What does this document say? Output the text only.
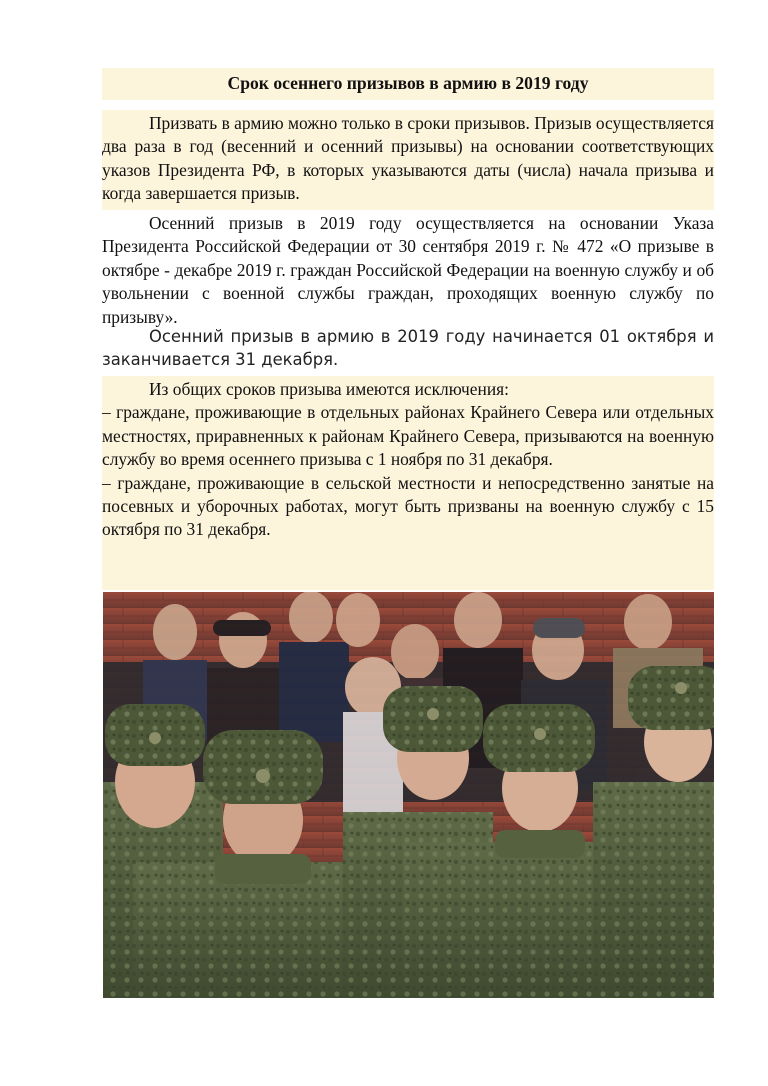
Срок осеннего призывов в армию в 2019 году
Призвать в армию можно только в сроки призывов. Призыв осуществляется два раза в год (весенний и осенний призывы) на основании соответствующих указов Президента РФ, в которых указываются даты (числа) начала призыва и когда завершается призыв.
Осенний призыв в 2019 году осуществляется на основании Указа Президента Российской Федерации от 30 сентября 2019 г. № 472 «О призыве в октябре - декабре 2019 г. граждан Российской Федерации на военную службу и об увольнении с военной службы граждан, проходящих военную службу по призыву».
Осенний призыв в армию в 2019 году начинается 01 октября и заканчивается 31 декабря.

Из общих сроков призыва имеются исключения:

– граждане, проживающие в отдельных районах Крайнего Севера или отдельных местностях, приравненных к районам Крайнего Севера, призываются на военную службу во время осеннего призыва с 1 ноября по 31 декабря.

– граждане, проживающие в сельской местности и непосредственно занятые на посевных и уборочных работах, могут быть призваны на военную службу с 15 октября по 31 декабря.
